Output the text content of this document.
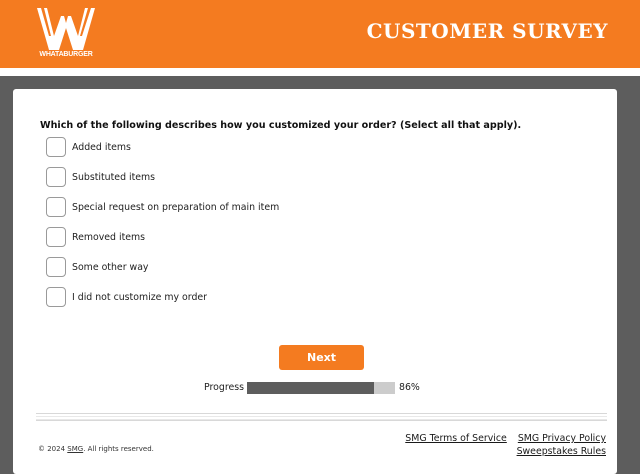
WHATABURGER
CUSTOMER SURVEY
Which of the following describes how you customized your order? (Select all that apply).
Added items
Substituted items
Special request on preparation of main item
Removed items
Some other way
I did not customize my order
Next
Progress	86%
SMG Terms of Service SMG Privacy Policy
Sweepstakes Rules
© 2024 SMG. All rights reserved.
